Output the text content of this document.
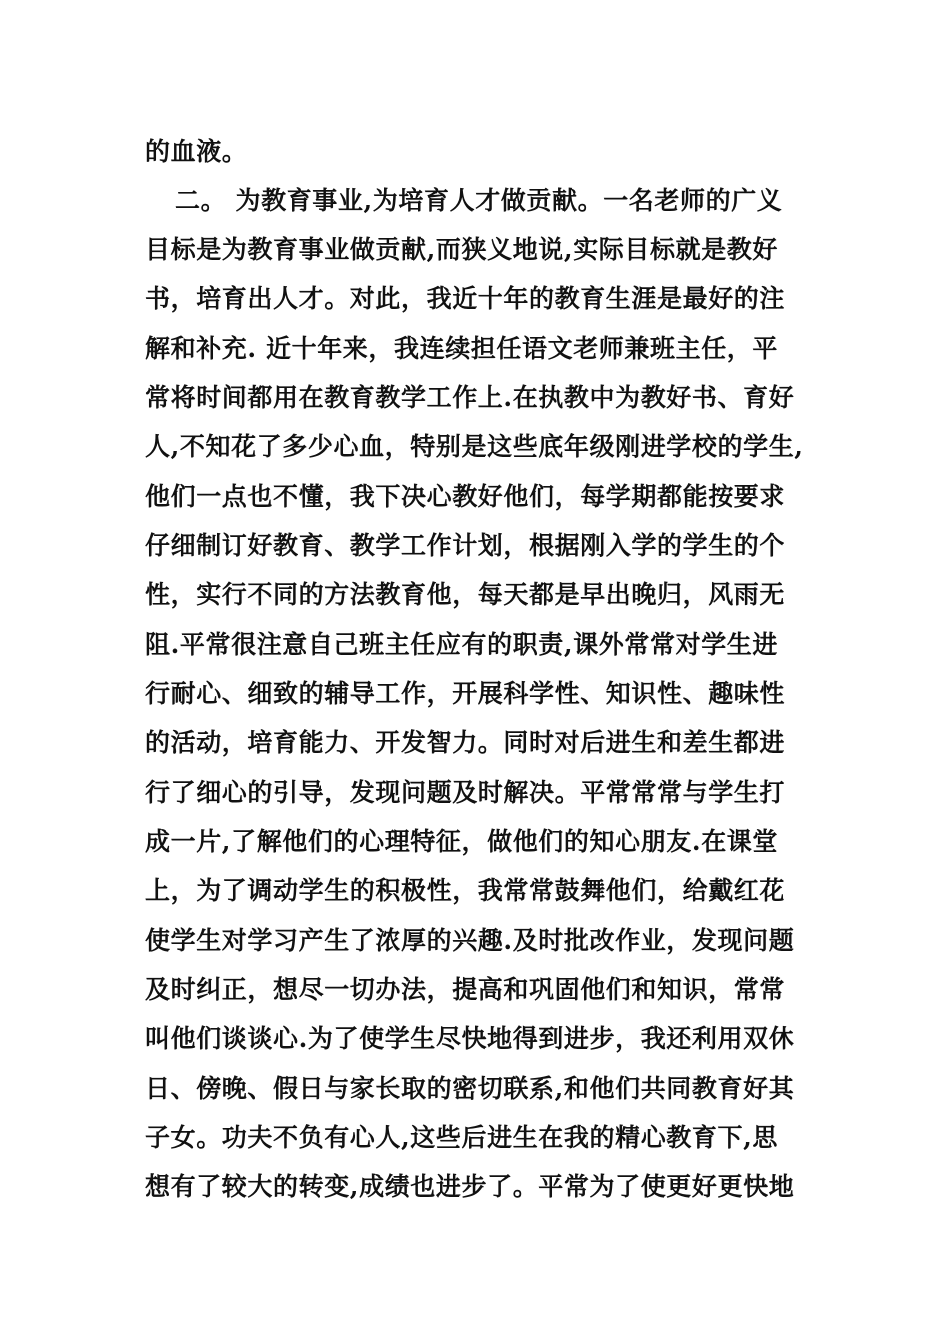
的血液。
二。 为教育事业,为培育人才做贡献。一名老师的广义
目标是为教育事业做贡献,而狭义地说,实际目标就是教好
书，培育出人才。对此，我近十年的教育生涯是最好的注
解和补充. 近十年来，我连续担任语文老师兼班主任，平
常将时间都用在教育教学工作上.在执教中为教好书、育好
人,不知花了多少心血，特别是这些底年级刚进学校的学生,
他们一点也不懂，我下决心教好他们，每学期都能按要求
仔细制订好教育、教学工作计划，根据刚入学的学生的个
性，实行不同的方法教育他，每天都是早出晚归，风雨无
阻.平常很注意自己班主任应有的职责,课外常常对学生进
行耐心、细致的辅导工作，开展科学性、知识性、趣味性
的活动，培育能力、开发智力。同时对后进生和差生都进
行了细心的引导，发现问题及时解决。平常常常与学生打
成一片,了解他们的心理特征，做他们的知心朋友.在课堂
上，为了调动学生的积极性，我常常鼓舞他们，给戴红花
使学生对学习产生了浓厚的兴趣.及时批改作业，发现问题
及时纠正，想尽一切办法，提高和巩固他们和知识，常常
叫他们谈谈心.为了使学生尽快地得到进步，我还利用双休
日、傍晚、假日与家长取的密切联系,和他们共同教育好其
子女。功夫不负有心人,这些后进生在我的精心教育下,思
想有了较大的转变,成绩也进步了。平常为了使更好更快地
